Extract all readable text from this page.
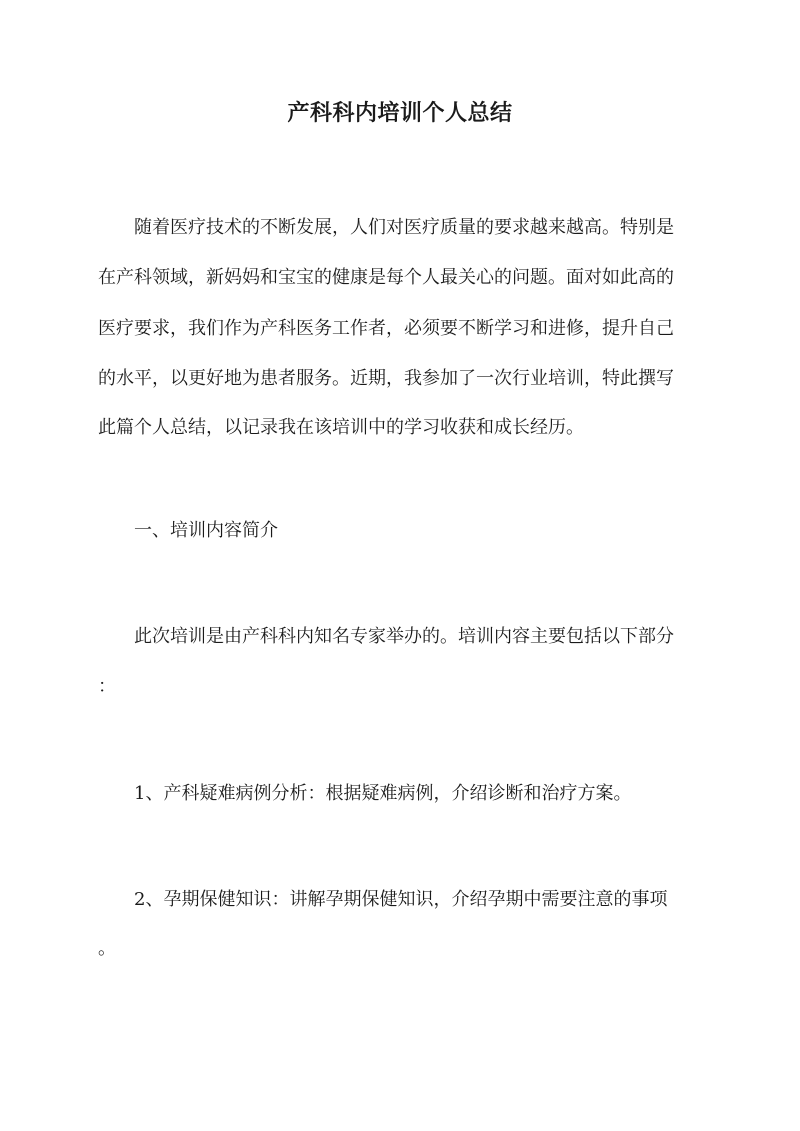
产科科内培训个人总结
随着医疗技术的不断发展，人们对医疗质量的要求越来越高。特别是
在产科领域，新妈妈和宝宝的健康是每个人最关心的问题。面对如此高的
医疗要求，我们作为产科医务工作者，必须要不断学习和进修，提升自己
的水平，以更好地为患者服务。近期，我参加了一次行业培训，特此撰写
此篇个人总结，以记录我在该培训中的学习收获和成长经历。
一、培训内容简介
此次培训是由产科科内知名专家举办的。培训内容主要包括以下部分
：
1、产科疑难病例分析：根据疑难病例，介绍诊断和治疗方案。
2、孕期保健知识：讲解孕期保健知识，介绍孕期中需要注意的事项
。
